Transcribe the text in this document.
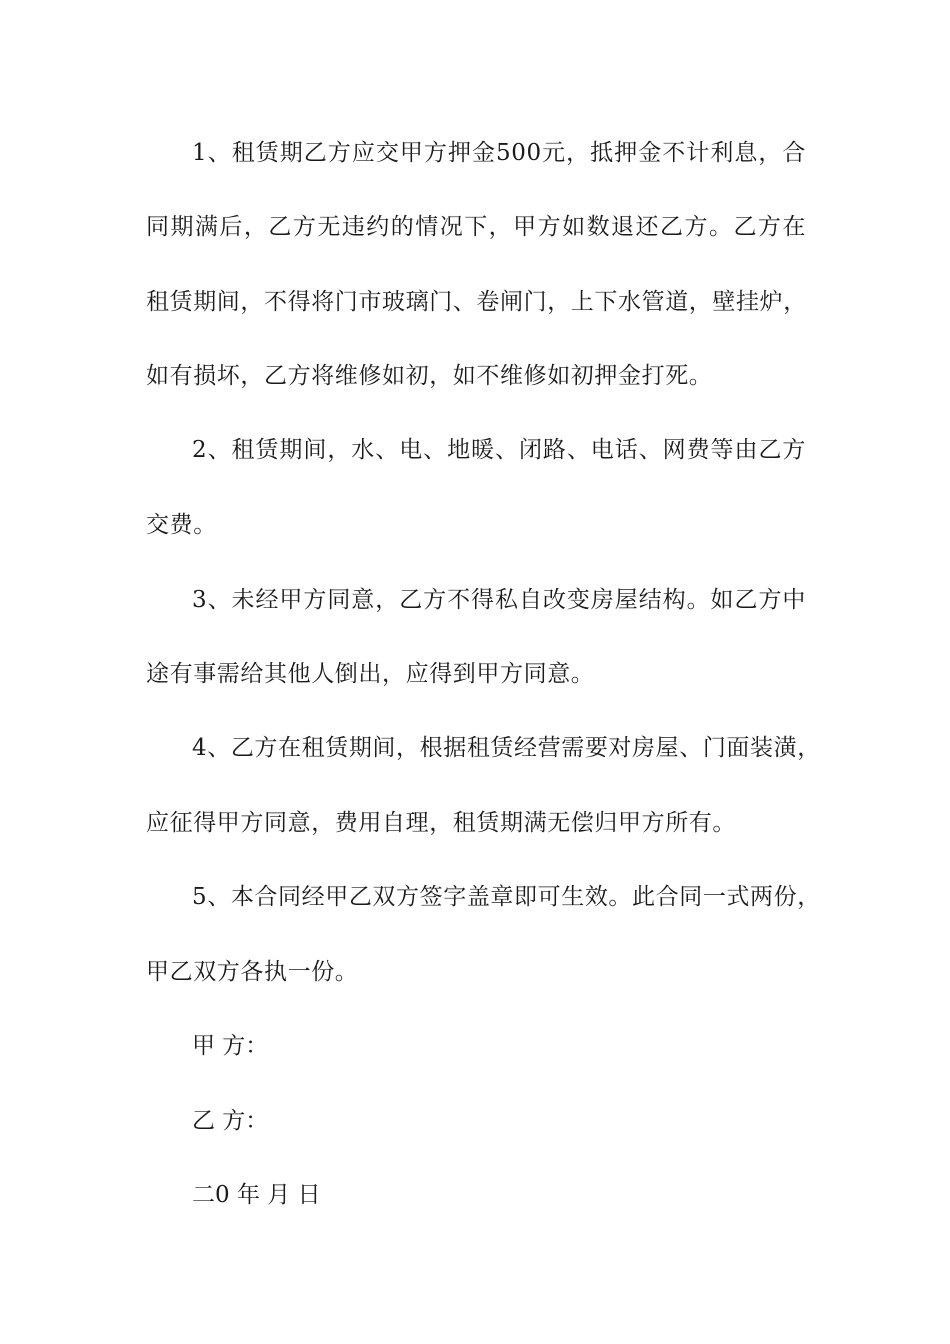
1、租赁期乙方应交甲方押金500元，抵押金不计利息，合
同期满后，乙方无违约的情况下，甲方如数退还乙方。乙方在
租赁期间，不得将门市玻璃门、卷闸门，上下水管道，壁挂炉，
如有损坏，乙方将维修如初，如不维修如初押金打死。
2、租赁期间，水、电、地暖、闭路、电话、网费等由乙方
交费。
3、未经甲方同意，乙方不得私自改变房屋结构。如乙方中
途有事需给其他人倒出，应得到甲方同意。
4、乙方在租赁期间，根据租赁经营需要对房屋、门面装潢，
应征得甲方同意，费用自理，租赁期满无偿归甲方所有。
5、本合同经甲乙双方签字盖章即可生效。此合同一式两份，
甲乙双方各执一份。
甲 方：
乙 方：
二0 年 月 日
